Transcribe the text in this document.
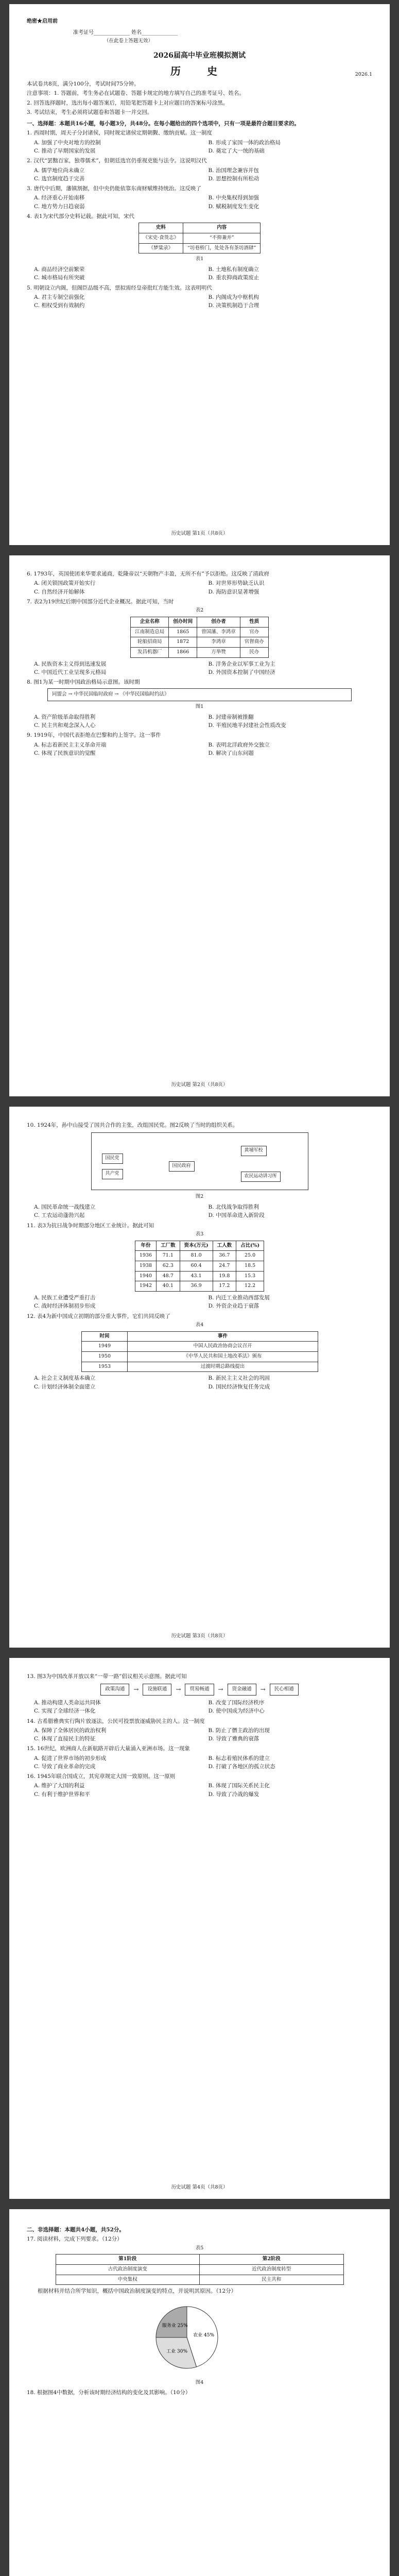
绝密★启用前
准考证号______________ 姓名______________
（在此卷上答题无效）
2026届高中毕业班模拟测试
历 史	2026.1
本试卷共8页，满分100分，考试时间75分钟。
注意事项：1. 答题前，考生务必在试题卷、答题卡规定的地方填写自己的准考证号、姓名。
2. 回答选择题时，选出每小题答案后，用铅笔把答题卡上对应题目的答案标号涂黑。
3. 考试结束，考生必须将试题卷和答题卡一并交回。
一、选择题：本题共16小题，每小题3分，共48分。在每小题给出的四个选项中，只有一项是最符合题目要求的。
1. 西周时期，周天子分封诸侯，同时规定诸侯定期朝觐、缴纳贡赋。这一制度
A. 加强了中央对地方的控制	B. 形成了家国一体的政治格局
C. 推动了早期国家的发展	D. 奠定了大一统的基础
2. 汉代“罢黜百家，独尊儒术”，但朝廷选官仍重视吏能与法令。这说明汉代
A. 儒学地位尚未确立	B. 治国理念兼容并包
C. 选官制度趋于完善	D. 思想控制有所松动
3. 唐代中后期，藩镇割据，但中央仍能依靠东南财赋维持统治。这反映了
A. 经济重心开始南移	B. 中央集权得到加强
C. 地方势力日趋衰弱	D. 赋税制度发生变化
4. 表1为宋代部分史料记载。据此可知，宋代
史料	内容
《宋史·食货志》	“不抑兼并”
《梦粱录》	“坊巷桥门，处处各有茶坊酒肆”
表1
A. 商品经济空前繁荣	B. 土地私有制度确立
C. 城市格局有所突破	D. 重农抑商政策废止
5. 明朝设立内阁，但阁臣品级不高，票拟需经皇帝批红方能生效。这表明明代
A. 君主专制空前强化	B. 内阁成为中枢机构
C. 相权受到有效制约	D. 决策机制趋于合理
历史试题 第1页（共8页）
6. 1793年，英国使团来华要求通商，乾隆帝以“天朝物产丰盈，无所不有”予以拒绝。这反映了清政府
A. 闭关锁国政策开始实行	B. 对世界形势缺乏认识
C. 自然经济开始解体	D. 海防意识显著增强
7. 表2为19世纪后期中国部分近代企业概况。据此可知，当时
表2
企业名称	创办时间	创办者	性质
江南制造总局	1865	曾国藩、李鸿章	官办
轮船招商局	1872	李鸿章	官督商办
发昌机器厂	1866	方举赞	民办
A. 民族资本主义得到迅速发展	B. 洋务企业以军事工业为主
C. 中国近代工业呈现多元格局	D. 外国资本控制了中国经济
8. 图1为某一时期中国政治格局示意图。该时期
同盟会 → 中华民国临时政府 → 《中华民国临时约法》
图1
A. 资产阶级革命取得胜利	B. 封建帝制被推翻
C. 民主共和观念深入人心	D. 半殖民地半封建社会性质改变
9. 1919年，中国代表拒绝在巴黎和约上签字。这一事件
A. 标志着新民主主义革命开端	B. 表明北洋政府外交独立
C. 体现了民族意识的觉醒	D. 解决了山东问题
历史试题 第2页（共8页）
10. 1924年，孙中山接受了国共合作的主张，改组国民党。图2反映了当时的组织关系。
国民党
共产党
国民政府
黄埔军校
农民运动讲习所
图2
A. 国民革命统一战线建立	B. 北伐战争取得胜利
C. 工农运动蓬勃兴起	D. 中国革命进入新阶段
11. 表3为抗日战争时期部分地区工业统计。据此可知
表3
年份	工厂数	资本(万元)	工人数	占比(%)
1936	71.1	81.0	36.7	25.0
1938	62.3	60.4	24.7	18.5
1940	48.7	43.1	19.8	15.3
1942	40.1	36.9	17.2	12.2
A. 民族工业遭受严重打击	B. 内迁工业推动西部发展
C. 战时经济体制初步形成	D. 外资企业趋于衰落
12. 表4为新中国成立初期的部分重大事件，它们共同反映了
表4
时间	事件
1949	中国人民政治协商会议召开
1950	《中华人民共和国土地改革法》颁布
1953	过渡时期总路线提出
A. 社会主义制度基本确立	B. 新民主主义社会的巩固
C. 计划经济体制全面建立	D. 国民经济恢复任务完成
历史试题 第3页（共8页）
13. 图3为中国改革开放以来“一带一路”倡议相关示意图。据此可知
政策沟通	→	设施联通	→	贸易畅通	→	资金融通	→	民心相通
A. 推动构建人类命运共同体	B. 改变了国际经济秩序
C. 实现了全球经济一体化	D. 使中国成为经济中心
14. 古希腊雅典实行陶片放逐法，公民可投票放逐威胁民主的人。这一制度
A. 保障了全体居民的政治权利	B. 防止了僭主政治的出现
C. 体现了直接民主的特征	D. 导致了雅典的衰落
15. 16世纪，欧洲商人在新航路开辟后大量涌入亚洲市场。这一现象
A. 促进了世界市场的初步形成	B. 标志着殖民体系的建立
C. 导致了商业革命的完成	D. 打破了各地区的孤立状态
16. 1945年联合国成立，其宪章规定大国一致原则。这一原则
A. 维护了大国的利益	B. 体现了国际关系民主化
C. 有利于维护世界和平	D. 导致了冷战的爆发
历史试题 第4页（共8页）
二、非选择题：本题共4小题，共52分。
17. 阅读材料，完成下列要求。（12分）
表5
第1阶段	第2阶段
古代政治制度演变	近代政治制度转型
中央集权	民主共和
根据材料并结合所学知识，概括中国政治制度演变的特点，并说明其原因。（12分）
农业 45%
工业 30%
服务业 25%
图4
18. 根据图4中数据，分析该时期经济结构的变化及其影响。（10分）
